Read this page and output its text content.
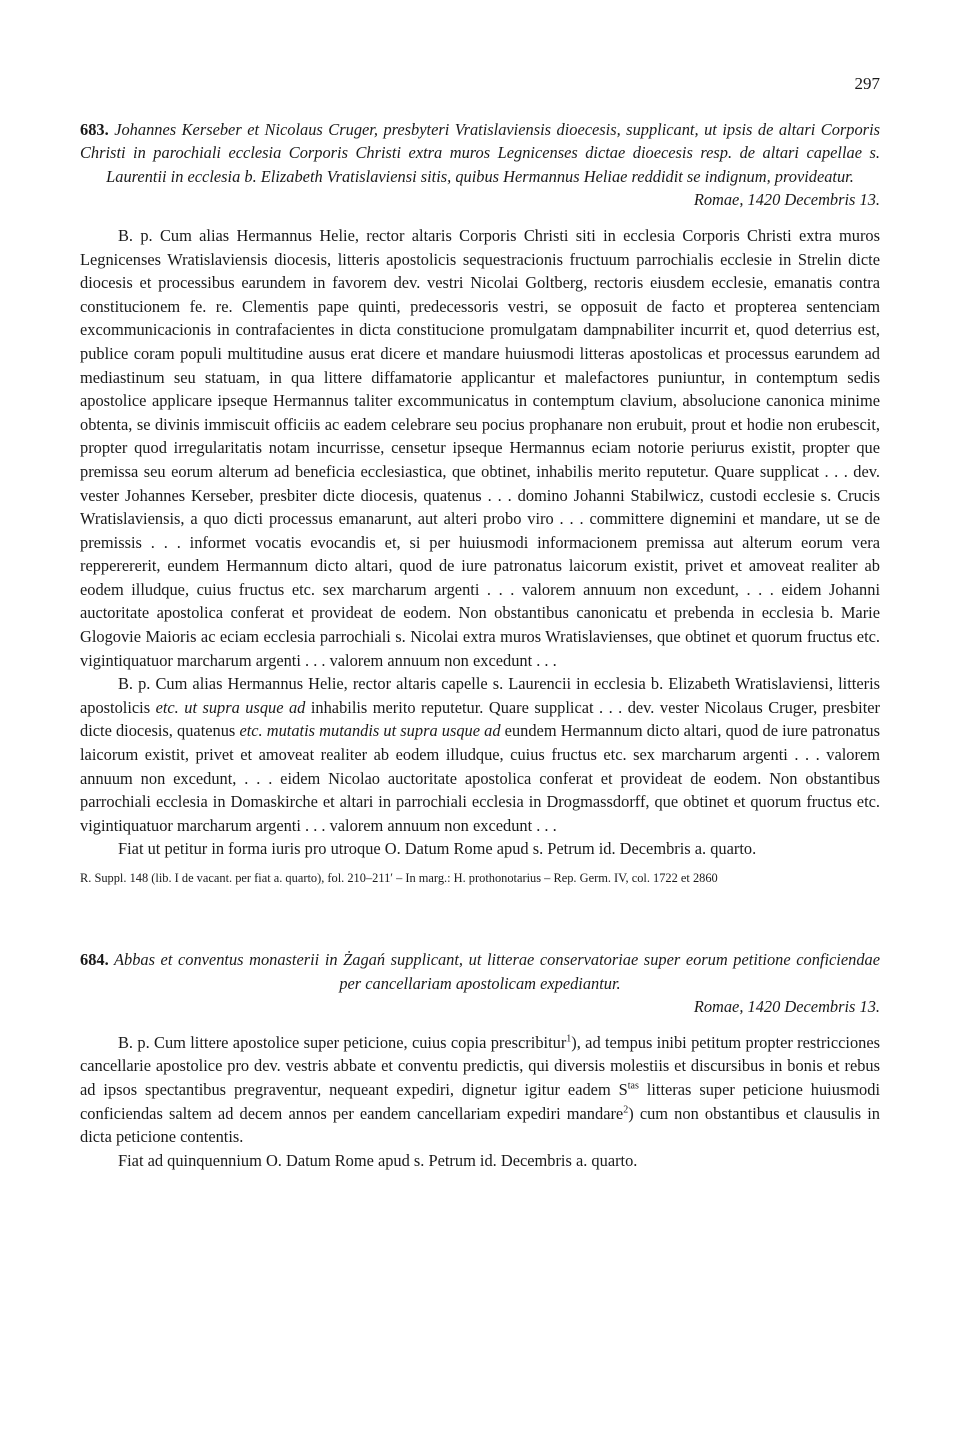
297

683. Johannes Kerseber et Nicolaus Cruger, presbyteri Vratislaviensis dioecesis, supplicant, ut ipsis de altari Corporis Christi in parochiali ecclesia Corporis Christi extra muros Legnicenses dictae dioecesis resp. de altari capellae s. Laurentii in ecclesia b. Elizabeth Vratislaviensi sitis, quibus Hermannus Heliae reddidit se indignum, provideatur.

Romae, 1420 Decembris 13.

B. p. Cum alias Hermannus Helie, rector altaris Corporis Christi siti in ecclesia Corporis Christi extra muros Legnicenses Wratislaviensis diocesis, litteris apostolicis sequestracionis fructuum parrochialis ecclesie in Strelin dicte diocesis et processibus earundem in favorem dev. vestri Nicolai Goltberg, rectoris eiusdem ecclesie, emanatis contra constitucionem fe. re. Clementis pape quinti, predecessoris vestri, se opposuit de facto et propterea sentenciam excommunicacionis in contrafacientes in dicta constitucione promulgatam dampnabiliter incurrit et, quod deterrius est, publice coram populi multitudine ausus erat dicere et mandare huiusmodi litteras apostolicas et processus earundem ad mediastinum seu statuam, in qua littere diffamatorie applicantur et malefactores puniuntur, in contemptum sedis apostolice applicare ipseque Hermannus taliter excommunicatus in contemptum clavium, absolucione canonica minime obtenta, se divinis immiscuit officiis ac eadem celebrare seu pocius prophanare non erubuit, prout et hodie non erubescit, propter quod irregularitatis notam incurrisse, censetur ipseque Hermannus eciam notorie periurus existit, propter que premissa seu eorum alterum ad beneficia ecclesiastica, que obtinet, inhabilis merito reputetur. Quare supplicat . . . dev. vester Johannes Kerseber, presbiter dicte diocesis, quatenus . . . domino Johanni Stabilwicz, custodi ecclesie s. Crucis Wratislaviensis, a quo dicti processus emanarunt, aut alteri probo viro . . . committere dignemini et mandare, ut se de premissis . . . informet vocatis evocandis et, si per huiusmodi informacionem premissa aut alterum eorum vera repperererit, eundem Hermannum dicto altari, quod de iure patronatus laicorum existit, privet et amoveat realiter ab eodem illudque, cuius fructus etc. sex marcharum argenti . . . valorem annuum non excedunt, . . . eidem Johanni auctoritate apostolica conferat et provideat de eodem. Non obstantibus canonicatu et prebenda in ecclesia b. Marie Glogovie Maioris ac eciam ecclesia parrochiali s. Nicolai extra muros Wratislavienses, que obtinet et quorum fructus etc. vigintiquatuor marcharum argenti . . . valorem annuum non excedunt . . .

B. p. Cum alias Hermannus Helie, rector altaris capelle s. Laurencii in ecclesia b. Elizabeth Wratislaviensi, litteris apostolicis etc. ut supra usque ad inhabilis merito reputetur. Quare supplicat . . . dev. vester Nicolaus Cruger, presbiter dicte diocesis, quatenus etc. mutatis mutandis ut supra usque ad eundem Hermannum dicto altari, quod de iure patronatus laicorum existit, privet et amoveat realiter ab eodem illudque, cuius fructus etc. sex marcharum argenti . . . valorem annuum non excedunt, . . . eidem Nicolao auctoritate apostolica conferat et provideat de eodem. Non obstantibus parrochiali ecclesia in Domaskirche et altari in parrochiali ecclesia in Drogmassdorff, que obtinet et quorum fructus etc. vigintiquatuor marcharum argenti . . . valorem annuum non excedunt . . .

Fiat ut petitur in forma iuris pro utroque O. Datum Rome apud s. Petrum id. Decembris a. quarto.

R. Suppl. 148 (lib. I de vacant. per fiat a. quarto), fol. 210–211′ – In marg.: H. prothonotarius – Rep. Germ. IV, col. 1722 et 2860

684. Abbas et conventus monasterii in Żagań supplicant, ut litterae conservatoriae super eorum petitione conficiendae per cancellariam apostolicam expediantur.

Romae, 1420 Decembris 13.

B. p. Cum littere apostolice super peticione, cuius copia prescribitur$^1$), ad tempus inibi petitum propter restricciones cancellarie apostolice pro dev. vestris abbate et conventu predictis, qui diversis molestiis et discursibus in bonis et rebus ad ipsos spectantibus pregraventur, nequeant expediri, dignetur igitur eadem $S^{tas}$ litteras super peticione huiusmodi conficiendas saltem ad decem annos per eandem cancellariam expediri mandare$^2$) cum non obstantibus et clausulis in dicta peticione contentis.

Fiat ad quinquennium O. Datum Rome apud s. Petrum id. Decembris a. quarto.
